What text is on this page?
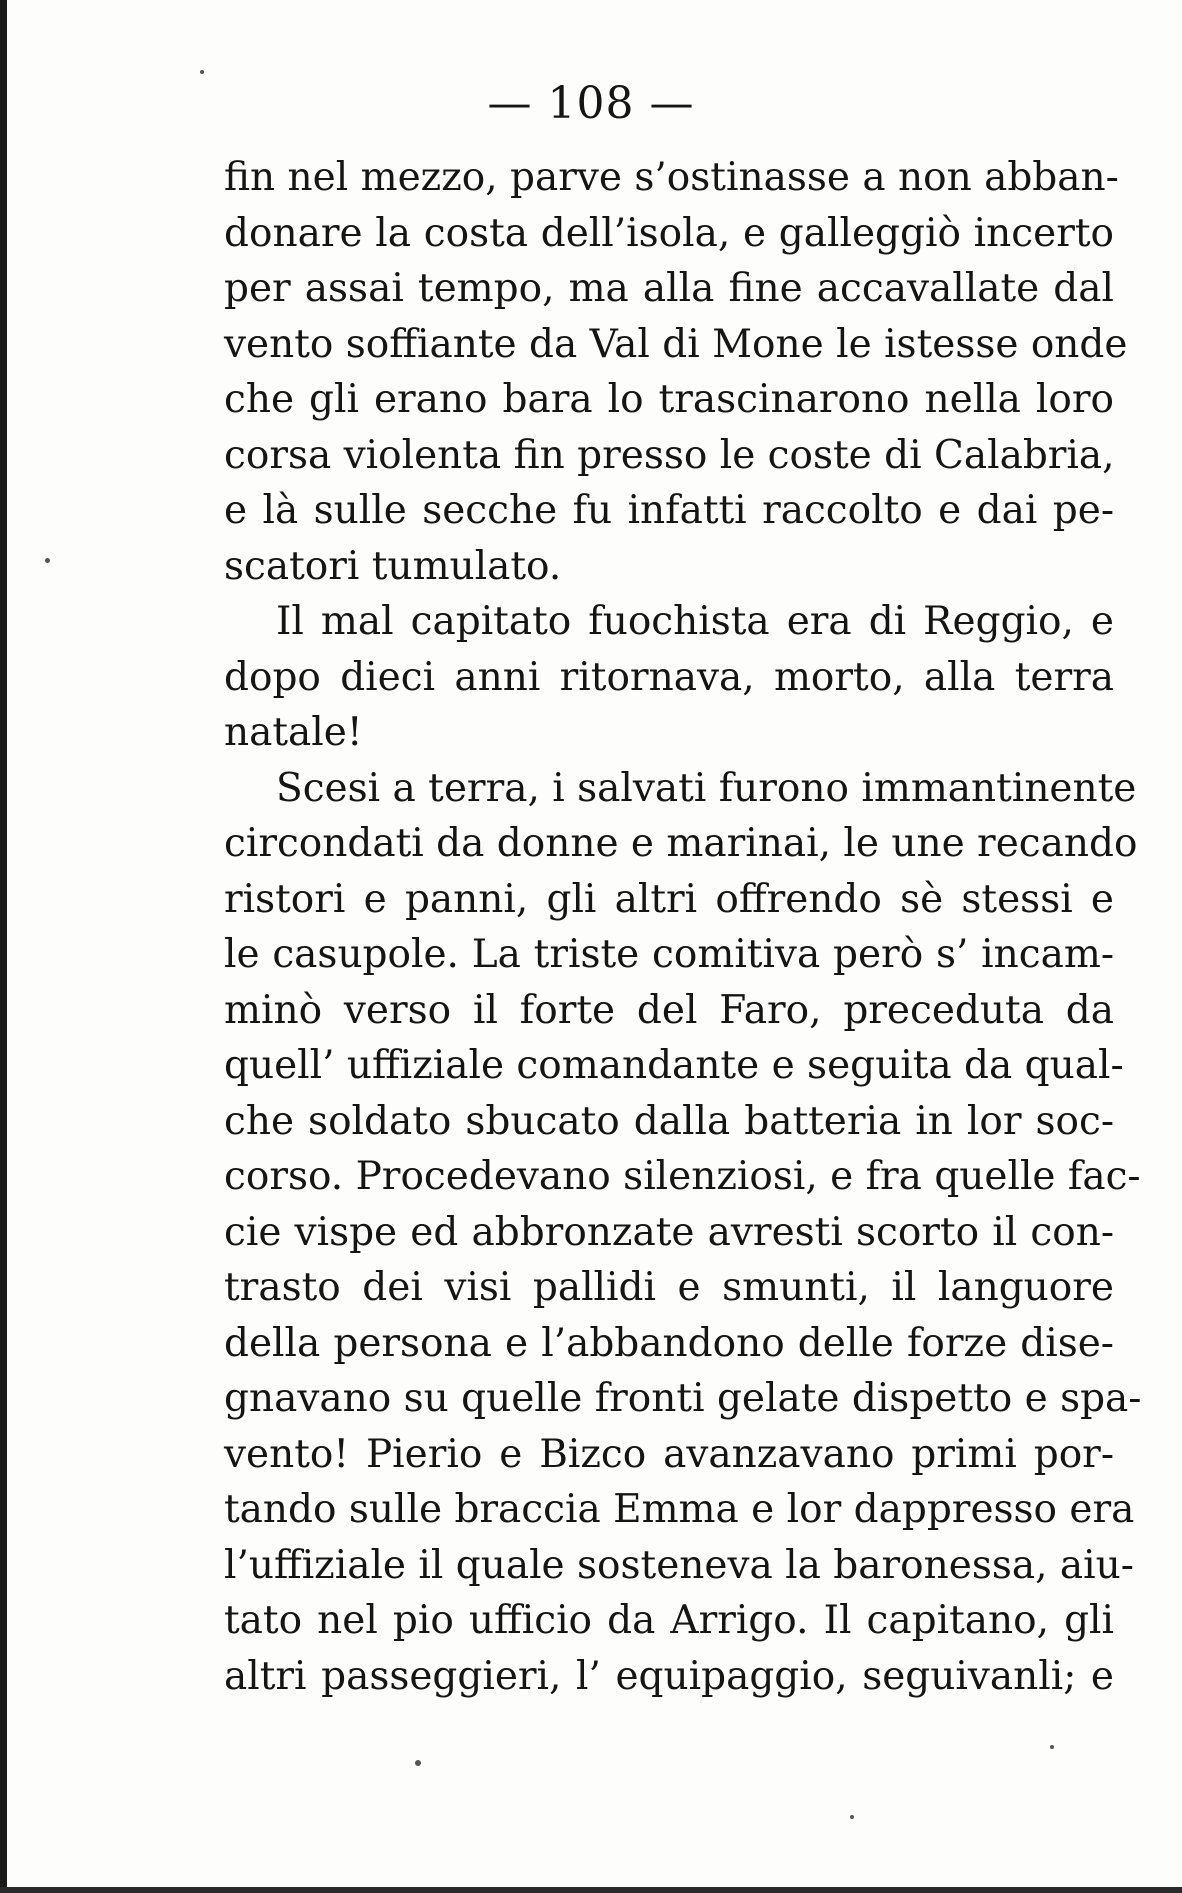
— 108 —
fin nel mezzo, parve s’ostinasse a non abban-
donare la costa dell’isola, e galleggiò incerto
per assai tempo, ma alla fine accavallate dal
vento soffiante da Val di Mone le istesse onde
che gli erano bara lo trascinarono nella loro
corsa violenta fin presso le coste di Calabria,
e là sulle secche fu infatti raccolto e dai pe-
scatori tumulato.
Il mal capitato fuochista era di Reggio, e
dopo dieci anni ritornava, morto, alla terra
natale!
Scesi a terra, i salvati furono immantinente
circondati da donne e marinai, le une recando
ristori e panni, gli altri offrendo sè stessi e
le casupole. La triste comitiva però s’ incam-
minò verso il forte del Faro, preceduta da
quell’ uffiziale comandante e seguita da qual-
che soldato sbucato dalla batteria in lor soc-
corso. Procedevano silenziosi, e fra quelle fac-
cie vispe ed abbronzate avresti scorto il con-
trasto dei visi pallidi e smunti, il languore
della persona e l’abbandono delle forze dise-
gnavano su quelle fronti gelate dispetto e spa-
vento! Pierio e Bizco avanzavano primi por-
tando sulle braccia Emma e lor dappresso era
l’uffiziale il quale sosteneva la baronessa, aiu-
tato nel pio ufficio da Arrigo. Il capitano, gli
altri passeggieri, l’ equipaggio, seguivanli; e
